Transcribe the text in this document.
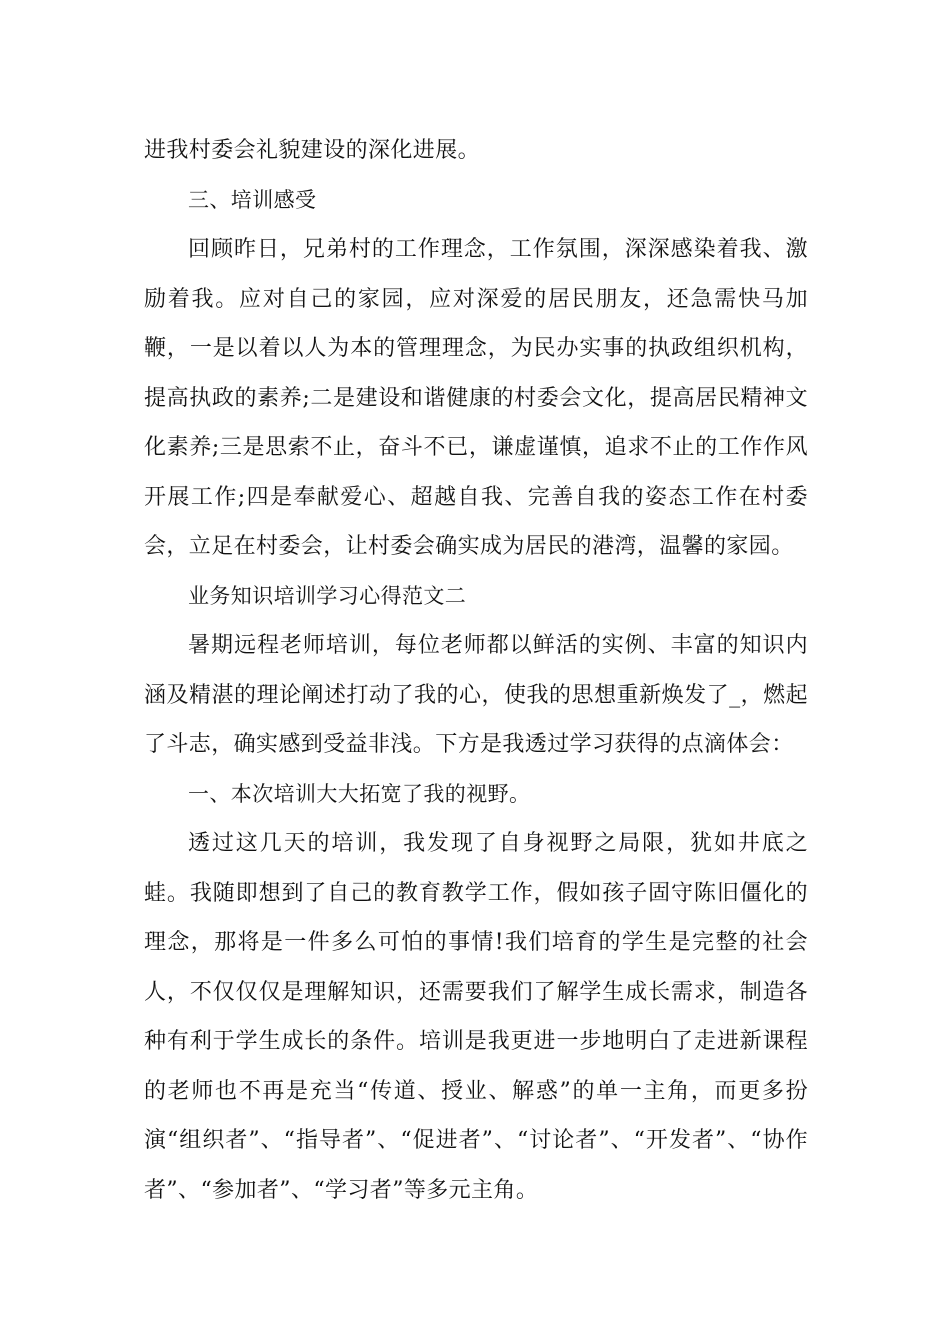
进我村委会礼貌建设的深化进展。

三、培训感受

回顾昨日，兄弟村的工作理念，工作氛围，深深感染着我、激励着我。应对自己的家园，应对深爱的居民朋友，还急需快马加鞭，一是以着以人为本的管理理念，为民办实事的执政组织机构，提高执政的素养;二是建设和谐健康的村委会文化，提高居民精神文化素养;三是思索不止，奋斗不已，谦虚谨慎，追求不止的工作作风开展工作;四是奉献爱心、超越自我、完善自我的姿态工作在村委会，立足在村委会，让村委会确实成为居民的港湾，温馨的家园。

业务知识培训学习心得范文二

暑期远程老师培训，每位老师都以鲜活的实例、丰富的知识内涵及精湛的理论阐述打动了我的心，使我的思想重新焕发了_，燃起了斗志，确实感到受益非浅。下方是我透过学习获得的点滴体会：

一、本次培训大大拓宽了我的视野。

透过这几天的培训，我发现了自身视野之局限，犹如井底之蛙。我随即想到了自己的教育教学工作，假如孩子固守陈旧僵化的理念，那将是一件多么可怕的事情!我们培育的学生是完整的社会人，不仅仅仅是理解知识，还需要我们了解学生成长需求，制造各种有利于学生成长的条件。培训是我更进一步地明白了走进新课程的老师也不再是充当“传道、授业、解惑”的单一主角，而更多扮演“组织者”、“指导者”、“促进者”、“讨论者”、“开发者”、“协作者”、“参加者”、“学习者”等多元主角。
